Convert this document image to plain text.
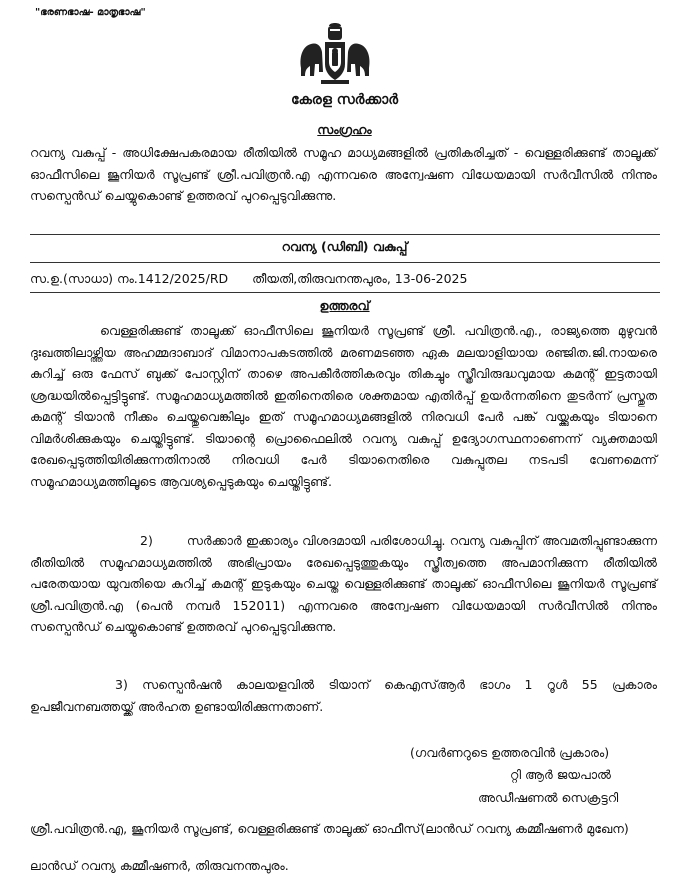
"ഭരണഭാഷ- മാതൃഭാഷ"
കേരള സർക്കാർ
സംഗ്രഹം
റവന്യ വകുപ്പ് - അധിക്ഷേപകരമായ രീതിയിൽ സമൂഹ മാധ്യമങ്ങളിൽ പ്രതികരിച്ചത് - വെള്ളരിക്കുണ്ട് താലൂക്ക് ഓഫീസിലെ ജൂനിയർ സൂപ്രണ്ട് ശ്രീ.പവിത്രൻ.എ എന്നവരെ അന്വേഷണ വിധേയമായി സർവീസിൽ നിന്നും സസ്പെൻഡ് ചെയ്യുകൊണ്ട് ഉത്തരവ് പുറപ്പെടുവിക്കുന്നു.
റവന്യ (ഡിബി) വകുപ്പ്
സ.ഉ.(സാധാ) നം.1412/2025/RD തീയതി,തിരുവനന്തപുരം, 13-06-2025
ഉത്തരവ്
വെള്ളരിക്കുണ്ട് താലൂക്ക് ഓഫീസിലെ ജൂനിയർ സൂപ്രണ്ട് ശ്രീ. പവിത്രൻ.എ., രാജ്യത്തെ മുഴുവൻ ദുഃഖത്തിലാഴ്ത്തിയ അഹമ്മദാബാദ് വിമാനാപകടത്തിൽ മരണമടഞ്ഞ ഏക മലയാളിയായ രഞ്ജിത.ജി.നായരെ കുറിച്ച് ഒരു ഫേസ് ബുക്ക് പോസ്റ്റിന് താഴെ അപകീർത്തികരവും തികച്ചും സ്ത്രീവിരുദ്ധവുമായ കമന്റ് ഇട്ടതായി ശ്രദ്ധയിൽപ്പെട്ടിട്ടുണ്ട്. സമൂഹമാധ്യമത്തിൽ ഇതിനെതിരെ ശക്തമായ എതിർപ്പ് ഉയർന്നതിനെ തുടർന്ന് പ്രസ്തുത കമന്റ് ടിയാൻ നീക്കം ചെയ്തുവെങ്കിലും ഇത് സമൂഹമാധ്യമങ്ങളിൽ നിരവധി പേർ പങ്ക് വയ്ക്കുകയും ടിയാനെ വിമർശിക്കുകയും ചെയ്തിട്ടുണ്ട്. ടിയാന്റെ പ്രൊഫൈലിൽ റവന്യ വകുപ്പ് ഉദ്യോഗസ്ഥനാണെന്ന് വ്യക്തമായി രേഖപ്പെടുത്തിയിരിക്കുന്നതിനാൽ നിരവധി പേർ ടിയാനെതിരെ വകുപ്പുതല നടപടി വേണമെന്ന് സമൂഹമാധ്യമത്തിലൂടെ ആവശ്യപ്പെടുകയും ചെയ്തിട്ടുണ്ട്.
2)	സർക്കാർ ഇക്കാര്യം വിശദമായി പരിശോധിച്ചു. റവന്യ വകുപ്പിന് അവമതിപ്പുണ്ടാക്കുന്ന രീതിയിൽ സമൂഹമാധ്യമത്തിൽ അഭിപ്രായം രേഖപ്പെടുത്തുകയും സ്ത്രീത്വത്തെ അപമാനിക്കുന്ന രീതിയിൽ പരേതയായ യുവതിയെ കുറിച്ച് കമന്റ് ഇടുകയും ചെയ്ത വെള്ളരിക്കുണ്ട് താലൂക്ക് ഓഫീസിലെ ജൂനിയർ സൂപ്രണ്ട് ശ്രീ.പവിത്രൻ.എ (പെൻ നമ്പർ 152011) എന്നവരെ അന്വേഷണ വിധേയമായി സർവീസിൽ നിന്നും സസ്പെൻഡ് ചെയ്യുകൊണ്ട് ഉത്തരവ് പുറപ്പെടുവിക്കുന്നു.
3) സസ്പെൻഷൻ കാലയളവിൽ ടിയാന് കെഎസ്ആർ ഭാഗം 1 റൂൾ 55 പ്രകാരം ഉപജീവനബത്തയ്ക്ക് അർഹത ഉണ്ടായിരിക്കുന്നതാണ്.
(ഗവർണറുടെ ഉത്തരവിൻ പ്രകാരം)
റ്റി ആർ ജയപാൽ
അഡീഷണൽ സെക്രട്ടറി
ശ്രീ.പവിത്രൻ.എ, ജൂനിയർ സൂപ്രണ്ട്, വെള്ളരിക്കുണ്ട് താലൂക്ക് ഓഫീസ്(ലാൻഡ് റവന്യ കമ്മീഷണർ മുഖേന)
ലാൻഡ് റവന്യ കമ്മീഷണർ, തിരുവനന്തപുരം.
